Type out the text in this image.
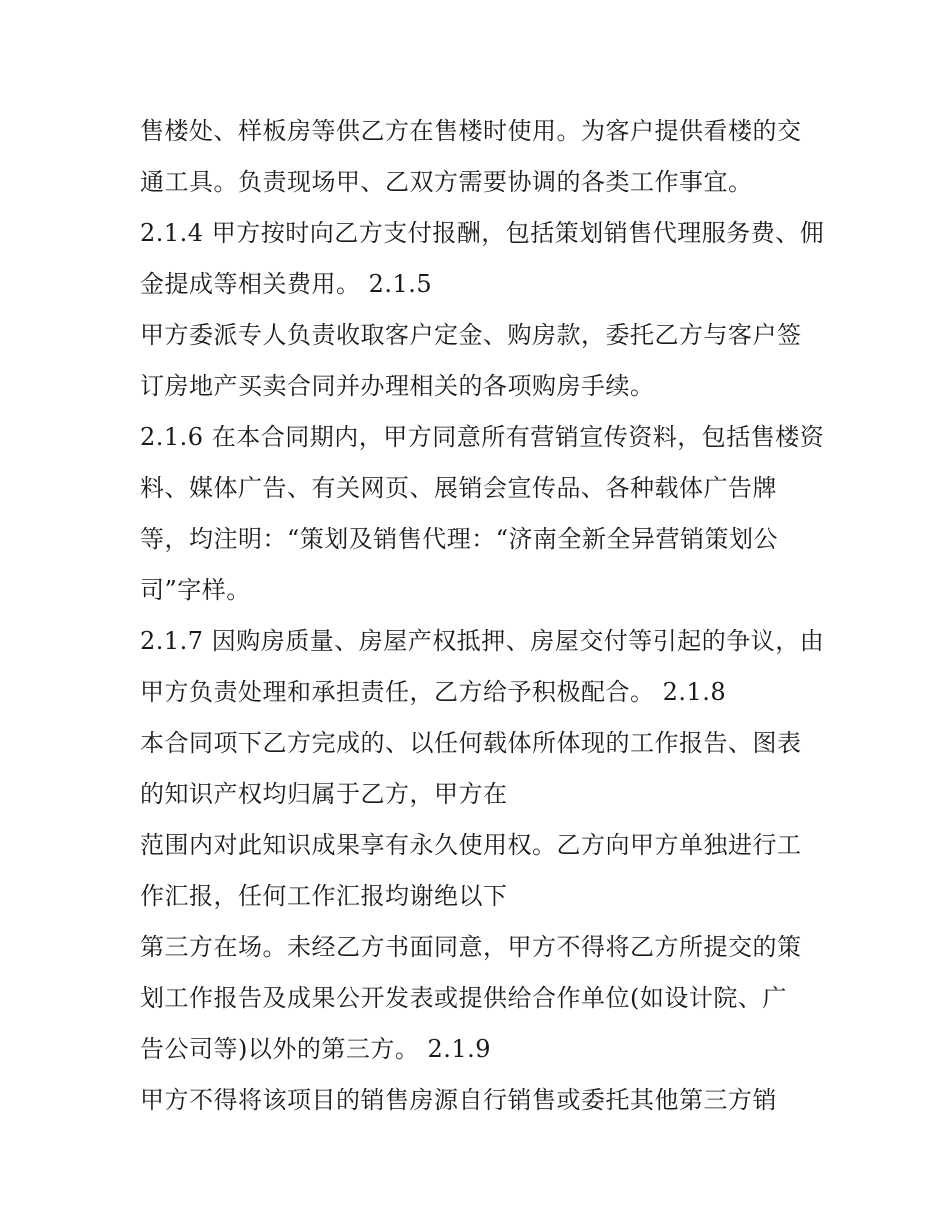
售楼处、样板房等供乙方在售楼时使用。为客户提供看楼的交
通工具。负责现场甲、乙双方需要协调的各类工作事宜。
2.1.4 甲方按时向乙方支付报酬，包括策划销售代理服务费、佣
金提成等相关费用。 2.1.5
甲方委派专人负责收取客户定金、购房款，委托乙方与客户签
订房地产买卖合同并办理相关的各项购房手续。
2.1.6 在本合同期内，甲方同意所有营销宣传资料，包括售楼资
料、媒体广告、有关网页、展销会宣传品、各种载体广告牌
等，均注明：“策划及销售代理：“济南全新全异营销策划公
司”字样。
2.1.7 因购房质量、房屋产权抵押、房屋交付等引起的争议，由
甲方负责处理和承担责任，乙方给予积极配合。 2.1.8
本合同项下乙方完成的、以任何载体所体现的工作报告、图表
的知识产权均归属于乙方，甲方在
范围内对此知识成果享有永久使用权。乙方向甲方单独进行工
作汇报，任何工作汇报均谢绝以下
第三方在场。未经乙方书面同意，甲方不得将乙方所提交的策
划工作报告及成果公开发表或提供给合作单位(如设计院、广
告公司等)以外的第三方。 2.1.9
甲方不得将该项目的销售房源自行销售或委托其他第三方销
